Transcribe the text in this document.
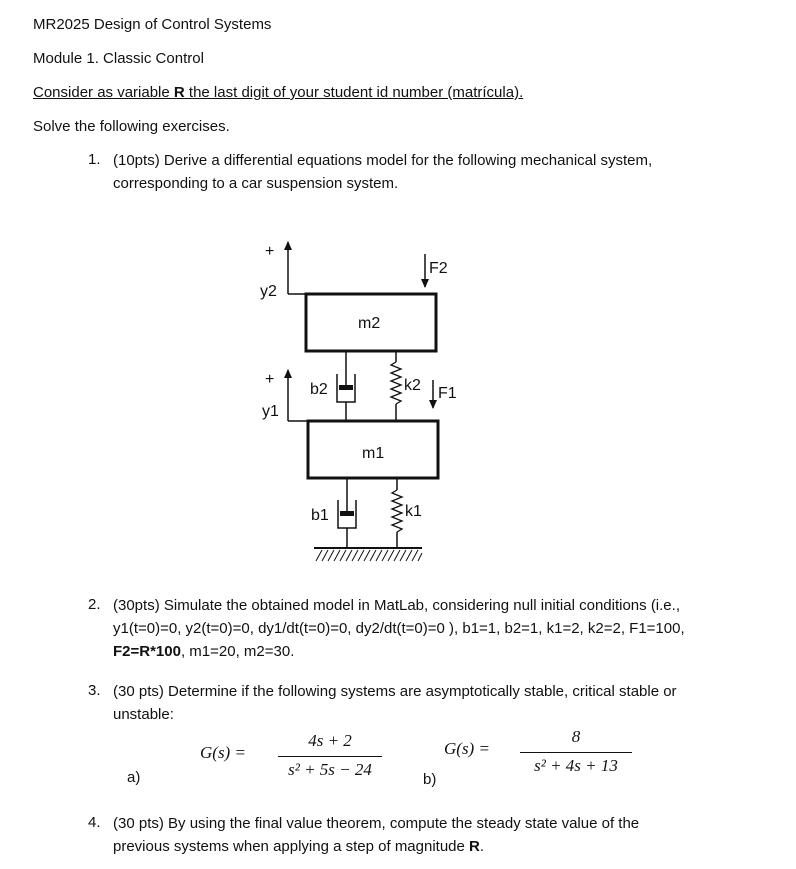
MR2025 Design of Control Systems
Module 1. Classic Control
Consider as variable R the last digit of your student id number (matrícula).
Solve the following exercises.
1. (10pts) Derive a differential equations model for the following mechanical system, corresponding to a car suspension system.
+
y2
F2
m2
b2	k2 F1
+
y1
m1
b1	k1
2. (30pts) Simulate the obtained model in MatLab, considering null initial conditions (i.e., y1(t=0)=0, y2(t=0)=0, dy1/dt(t=0)=0, dy2/dt(t=0)=0 ), b1=1, b2=1, k1=2, k2=2, F1=100, F2=R*100, m1=20, m2=30.
3. (30 pts) Determine if the following systems are asymptotically stable, critical stable or unstable:
G(s) =
4s + 2
s² + 5s − 24
a)
G(s) =
8
s² + 4s + 13
b)
4. (30 pts) By using the final value theorem, compute the steady state value of the previous systems when applying a step of magnitude R.
